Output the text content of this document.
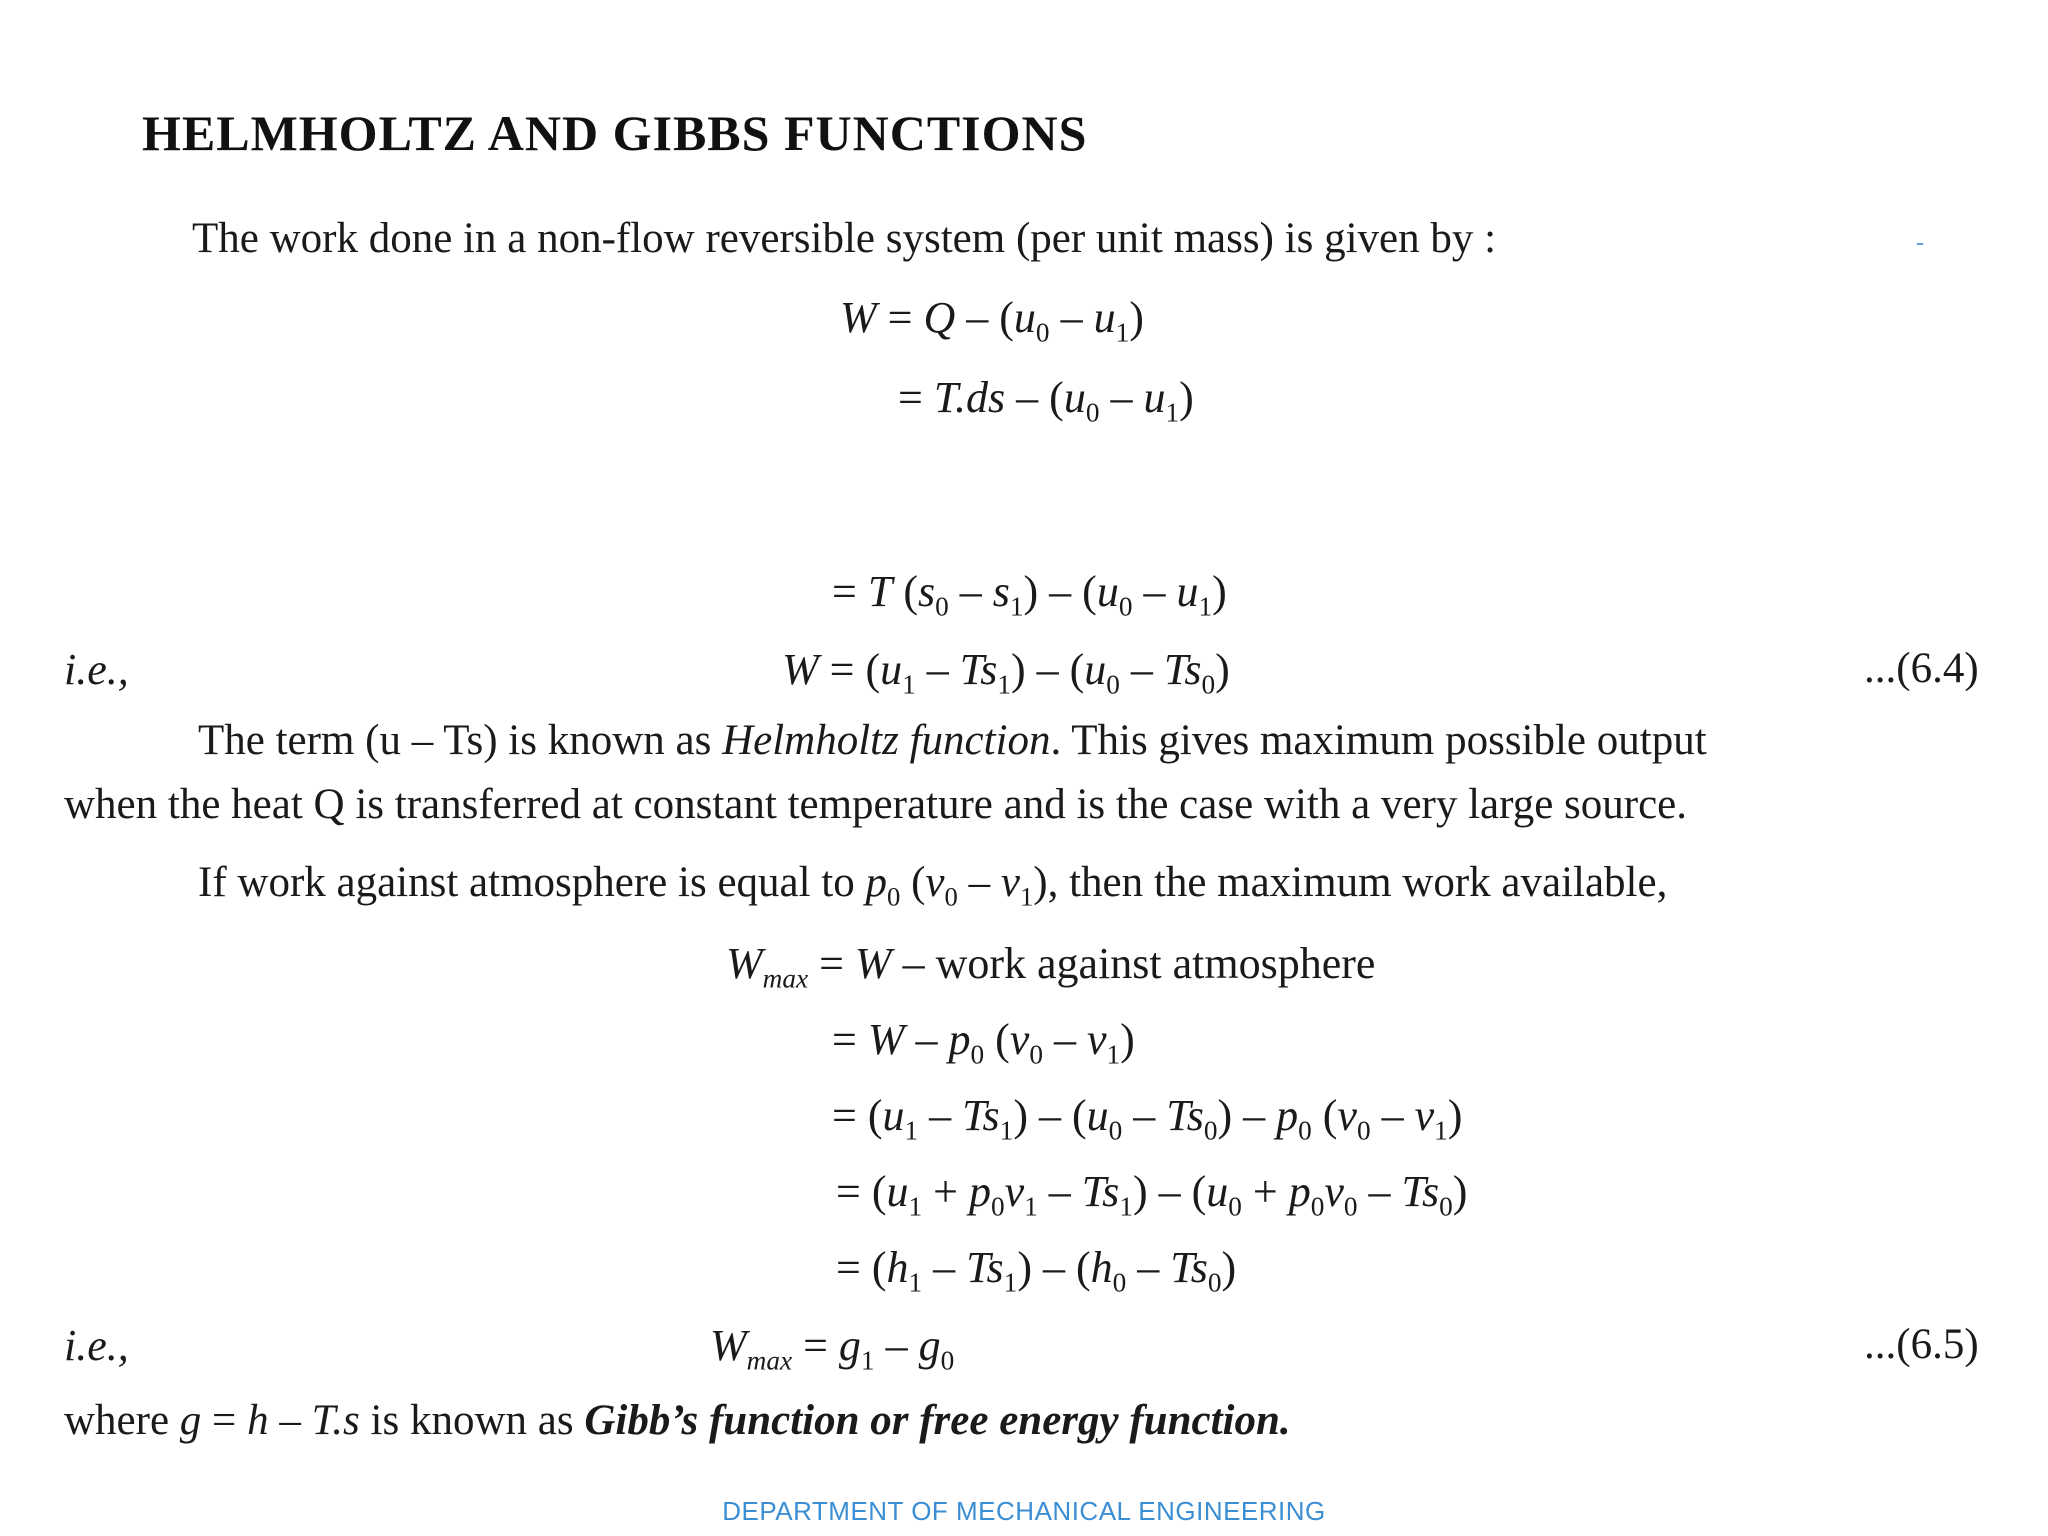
HELMHOLTZ AND GIBBS FUNCTIONS
The work done in a non-flow reversible system (per unit mass) is given by :	-
$W = Q - (u_0 - u_1)$
= $T.ds - (u_0 - u_1)$
= T $(s_0 - s_1) - (u_0 - u_1)$
i.e.,	$W = (u_1 - Ts_1) - (u_0 - Ts_0)$	...(6.4)
The term (u – Ts) is known as Helmholtz function. This gives maximum possible output
when the heat Q is transferred at constant temperature and is the case with a very large source.
If work against atmosphere is equal to $p_0$ $(v_0 - v_1)$, then the maximum work available,
$W_{max} = W$ – work against atmosphere
= W – $p_0$ $(v_0 - v_1)$
= $(u_1 - Ts_1) - (u_0 - Ts_0) - p_0$ $(v_0 - v_1)$
= $(u_1 + p_0v_1 - Ts_1) - (u_0 + p_0v_0 - Ts_0)$
= $(h_1 - Ts_1) - (h_0 - Ts_0)$
i.e.,	$W_{max} = g_1 - g_0$	...(6.5)
where g = h – T.s is known as Gibb’s function or free energy function.
DEPARTMENT OF MECHANICAL ENGINEERING
